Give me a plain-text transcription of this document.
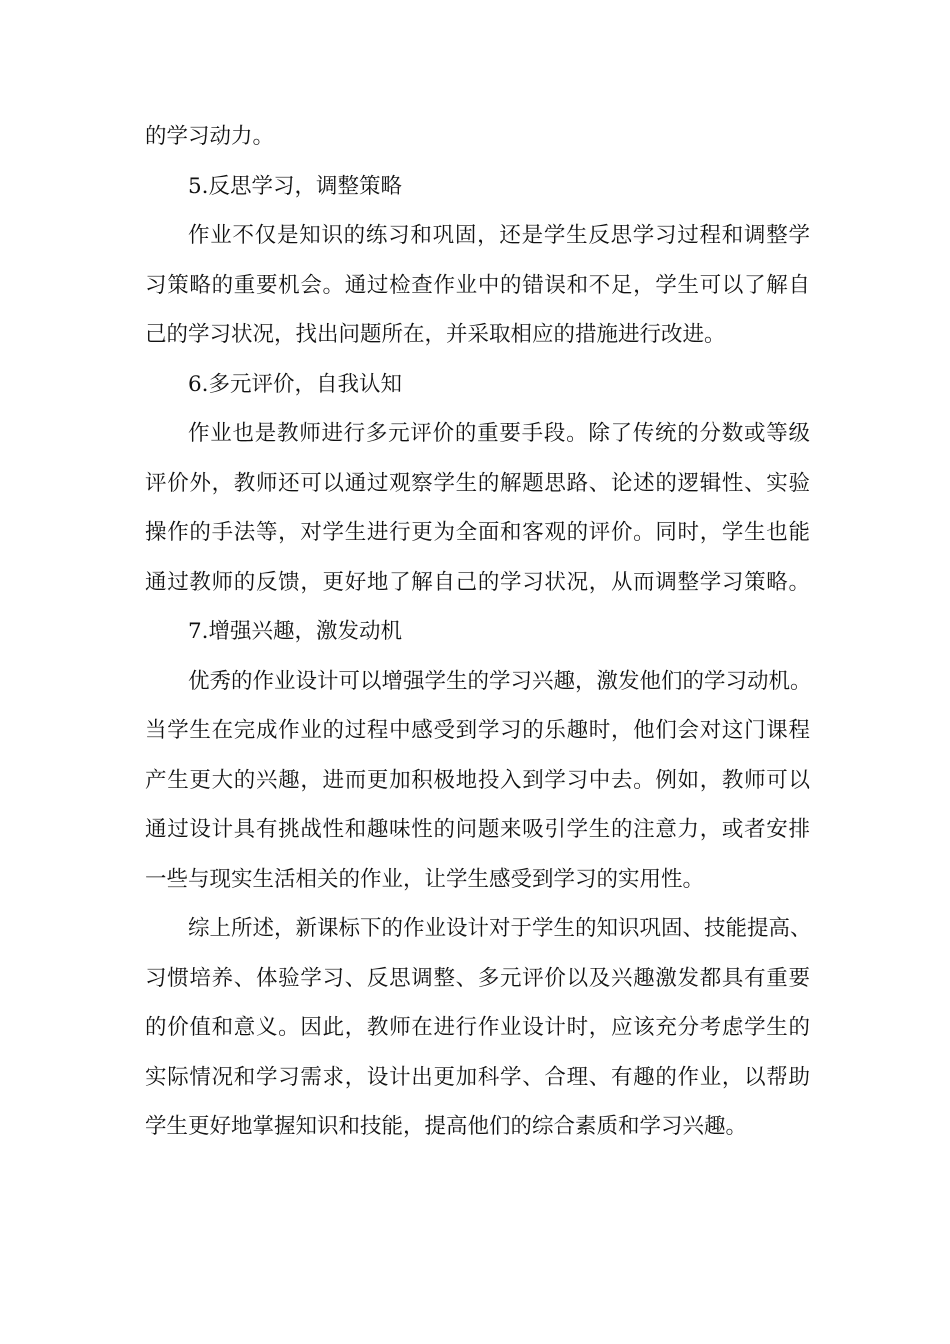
的学习动力。
5.反思学习，调整策略
作业不仅是知识的练习和巩固，还是学生反思学习过程和调整学
习策略的重要机会。通过检查作业中的错误和不足，学生可以了解自
己的学习状况，找出问题所在，并采取相应的措施进行改进。
6.多元评价，自我认知
作业也是教师进行多元评价的重要手段。除了传统的分数或等级
评价外，教师还可以通过观察学生的解题思路、论述的逻辑性、实验
操作的手法等，对学生进行更为全面和客观的评价。同时，学生也能
通过教师的反馈，更好地了解自己的学习状况，从而调整学习策略。
7.增强兴趣，激发动机
优秀的作业设计可以增强学生的学习兴趣，激发他们的学习动机。
当学生在完成作业的过程中感受到学习的乐趣时，他们会对这门课程
产生更大的兴趣，进而更加积极地投入到学习中去。例如，教师可以
通过设计具有挑战性和趣味性的问题来吸引学生的注意力，或者安排
一些与现实生活相关的作业，让学生感受到学习的实用性。
综上所述，新课标下的作业设计对于学生的知识巩固、技能提高、
习惯培养、体验学习、反思调整、多元评价以及兴趣激发都具有重要
的价值和意义。因此，教师在进行作业设计时，应该充分考虑学生的
实际情况和学习需求，设计出更加科学、合理、有趣的作业，以帮助
学生更好地掌握知识和技能，提高他们的综合素质和学习兴趣。
